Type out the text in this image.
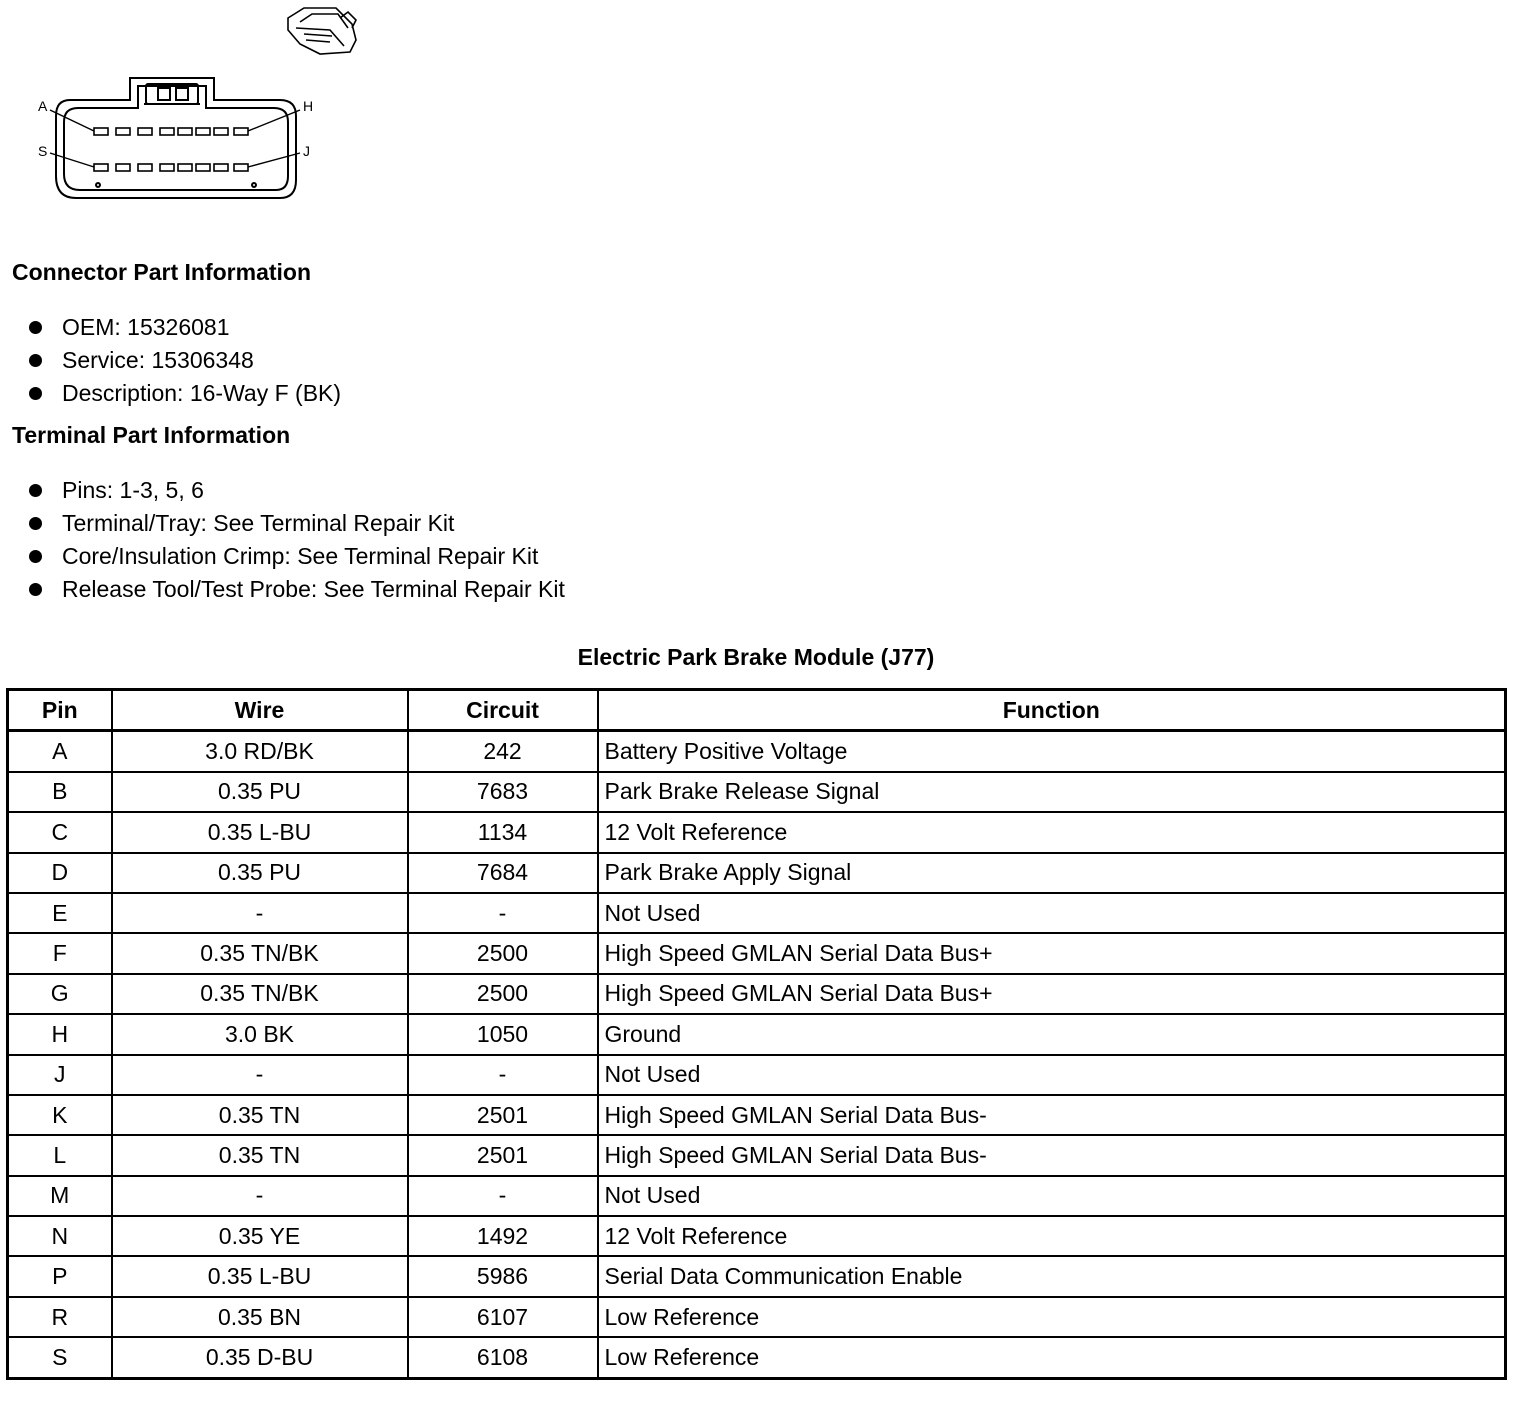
A	H
S	J
Connector Part Information
OEM: 15326081
Service: 15306348
Description: 16-Way F (BK)
Terminal Part Information
Pins: 1-3, 5, 6
Terminal/Tray: See Terminal Repair Kit
Core/Insulation Crimp: See Terminal Repair Kit
Release Tool/Test Probe: See Terminal Repair Kit
Electric Park Brake Module (J77)
Pin	Wire	Circuit	Function
A	3.0 RD/BK	242	Battery Positive Voltage
B	0.35 PU	7683	Park Brake Release Signal
C	0.35 L-BU	1134	12 Volt Reference
D	0.35 PU	7684	Park Brake Apply Signal
E	-	-	Not Used
F	0.35 TN/BK	2500	High Speed GMLAN Serial Data Bus+
G	0.35 TN/BK	2500	High Speed GMLAN Serial Data Bus+
H	3.0 BK	1050	Ground
J	-	-	Not Used
K	0.35 TN	2501	High Speed GMLAN Serial Data Bus-
L	0.35 TN	2501	High Speed GMLAN Serial Data Bus-
M	-	-	Not Used
N	0.35 YE	1492	12 Volt Reference
P	0.35 L-BU	5986	Serial Data Communication Enable
R	0.35 BN	6107	Low Reference
S	0.35 D-BU	6108	Low Reference
